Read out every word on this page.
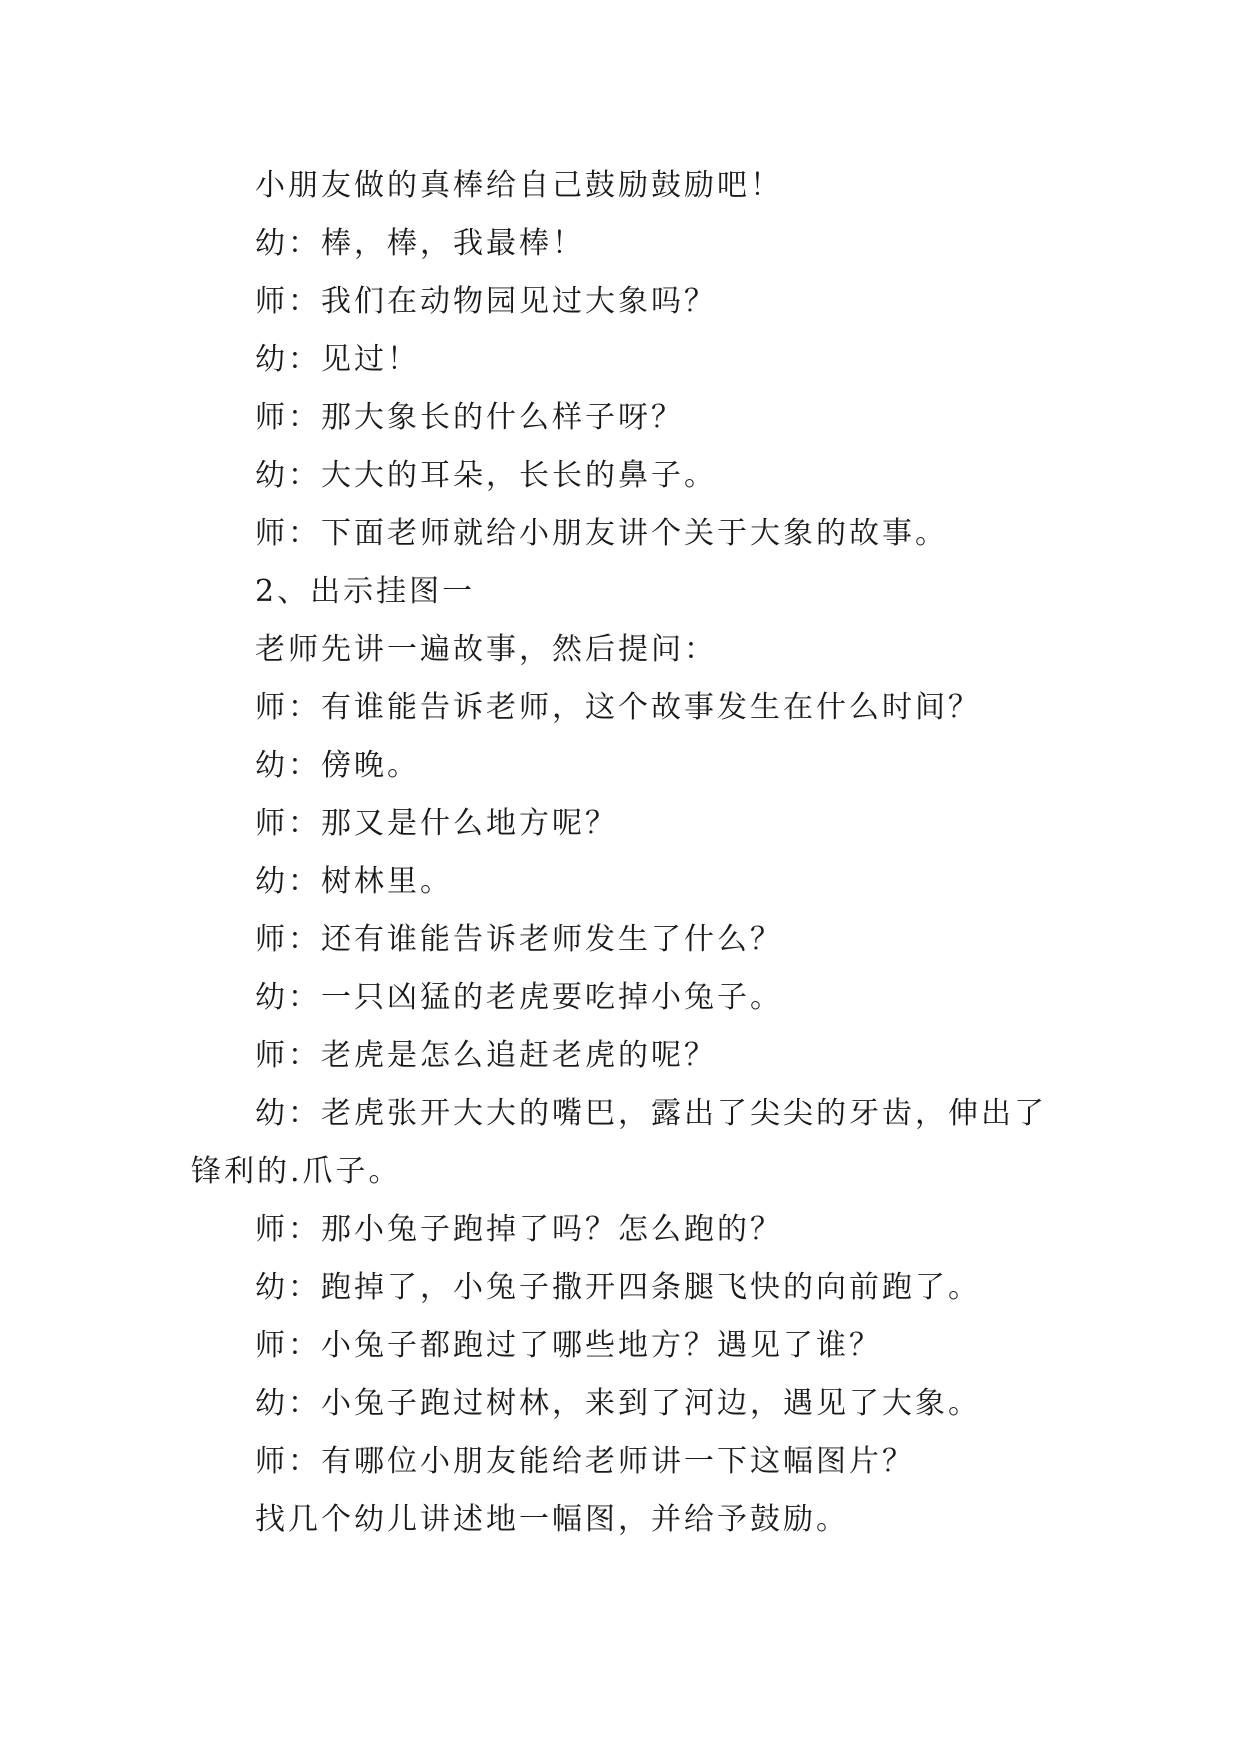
小朋友做的真棒给自己鼓励鼓励吧！

幼：棒，棒，我最棒！

师：我们在动物园见过大象吗？

幼：见过！

师：那大象长的什么样子呀？

幼：大大的耳朵，长长的鼻子。

师：下面老师就给小朋友讲个关于大象的故事。

2、出示挂图一

老师先讲一遍故事，然后提问：

师：有谁能告诉老师，这个故事发生在什么时间？

幼：傍晚。

师：那又是什么地方呢？

幼：树林里。

师：还有谁能告诉老师发生了什么？

幼：一只凶猛的老虎要吃掉小兔子。

师：老虎是怎么追赶老虎的呢？

幼：老虎张开大大的嘴巴，露出了尖尖的牙齿，伸出了锋利的.爪子。

师：那小兔子跑掉了吗？怎么跑的？

幼：跑掉了，小兔子撒开四条腿飞快的向前跑了。

师：小兔子都跑过了哪些地方？遇见了谁？

幼：小兔子跑过树林，来到了河边，遇见了大象。

师：有哪位小朋友能给老师讲一下这幅图片？

找几个幼儿讲述地一幅图，并给予鼓励。
